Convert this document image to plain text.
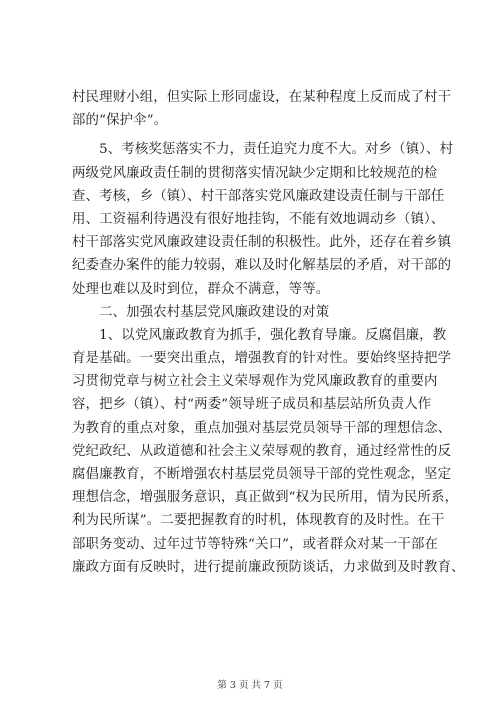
村民理财小组，但实际上形同虚设，在某种程度上反而成了村干
部的“保护伞”。
　　5、考核奖惩落实不力，责任追究力度不大。对乡（镇）、村
两级党风廉政责任制的贯彻落实情况缺少定期和比较规范的检
查、考核，乡（镇）、村干部落实党风廉政建设责任制与干部任
用、工资福利待遇没有很好地挂钩，不能有效地调动乡（镇）、
村干部落实党风廉政建设责任制的积极性。此外，还存在着乡镇
纪委查办案件的能力较弱，难以及时化解基层的矛盾，对干部的
处理也难以及时到位，群众不满意，等等。
　　二、加强农村基层党风廉政建设的对策
　　1、以党风廉政教育为抓手，强化教育导廉。反腐倡廉，教
育是基础。一要突出重点，增强教育的针对性。要始终坚持把学
习贯彻党章与树立社会主义荣辱观作为党风廉政教育的重要内
容，把乡（镇）、村“两委”领导班子成员和基层站所负责人作
为教育的重点对象，重点加强对基层党员领导干部的理想信念、
党纪政纪、从政道德和社会主义荣辱观的教育，通过经常性的反
腐倡廉教育，不断增强农村基层党员领导干部的党性观念，坚定
理想信念，增强服务意识，真正做到“权为民所用，情为民所系，
利为民所谋”。二要把握教育的时机，体现教育的及时性。在干
部职务变动、过年过节等特殊“关口”，或者群众对某一干部在
廉政方面有反映时，进行提前廉政预防谈话，力求做到及时教育、
第 3 页 共 7 页
